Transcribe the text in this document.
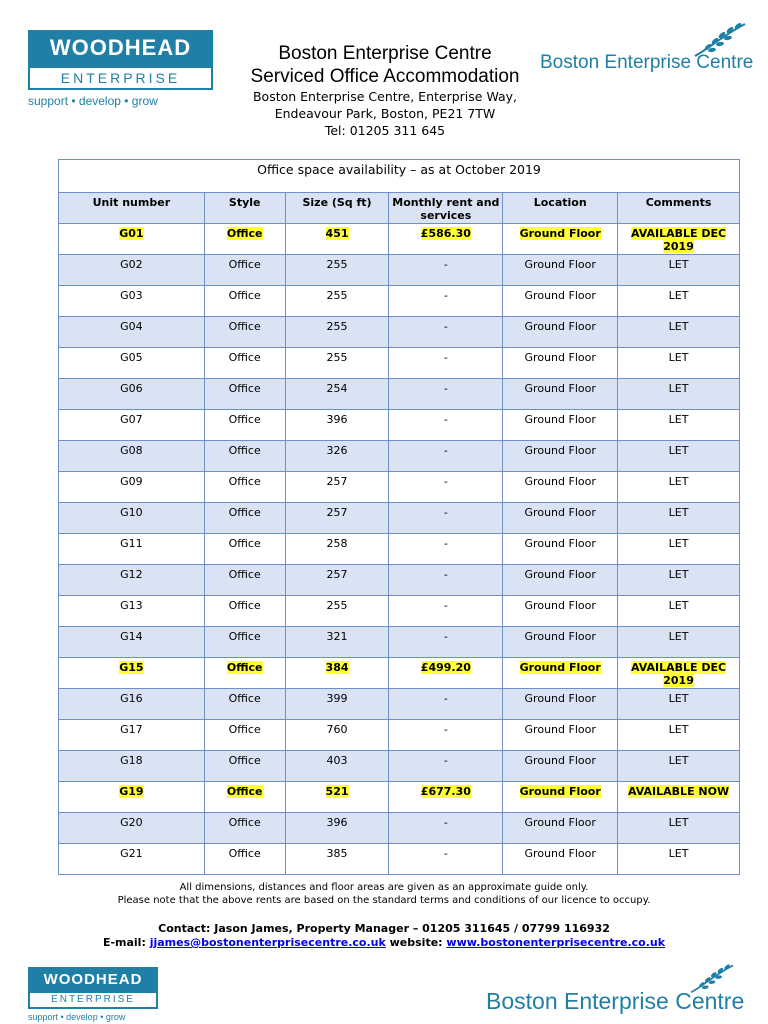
WOODHEAD
ENTERPRISE
support • develop • grow
Boston Enterprise Centre
Boston Enterprise Centre
Serviced Office Accommodation
Boston Enterprise Centre, Enterprise Way,
Endeavour Park, Boston, PE21 7TW
Tel: 01205 311 645
Office space availability – as at October 2019					
Unit number	Style	Size (Sq ft)	Monthly rent and services	Location	Comments
G01	Office	451	£586.30	Ground Floor	AVAILABLE DEC 2019
G02	Office	255	-	Ground Floor	LET
G03	Office	255	-	Ground Floor	LET
G04	Office	255	-	Ground Floor	LET
G05	Office	255	-	Ground Floor	LET
G06	Office	254	-	Ground Floor	LET
G07	Office	396	-	Ground Floor	LET
G08	Office	326	-	Ground Floor	LET
G09	Office	257	-	Ground Floor	LET
G10	Office	257	-	Ground Floor	LET
G11	Office	258	-	Ground Floor	LET
G12	Office	257	-	Ground Floor	LET
G13	Office	255	-	Ground Floor	LET
G14	Office	321	-	Ground Floor	LET
G15	Office	384	£499.20	Ground Floor	AVAILABLE DEC 2019
G16	Office	399	-	Ground Floor	LET
G17	Office	760	-	Ground Floor	LET
G18	Office	403	-	Ground Floor	LET
G19	Office	521	£677.30	Ground Floor	AVAILABLE NOW
G20	Office	396	-	Ground Floor	LET
G21	Office	385	-	Ground Floor	LET
All dimensions, distances and floor areas are given as an approximate guide only.
Please note that the above rents are based on the standard terms and conditions of our licence to occupy.
Contact: Jason James, Property Manager – 01205 311645 / 07799 116932
E-mail: jjames@bostonenterprisecentre.co.uk website: www.bostonenterprisecentre.co.uk
WOODHEAD
ENTERPRISE
support • develop • grow
Boston Enterprise Centre
